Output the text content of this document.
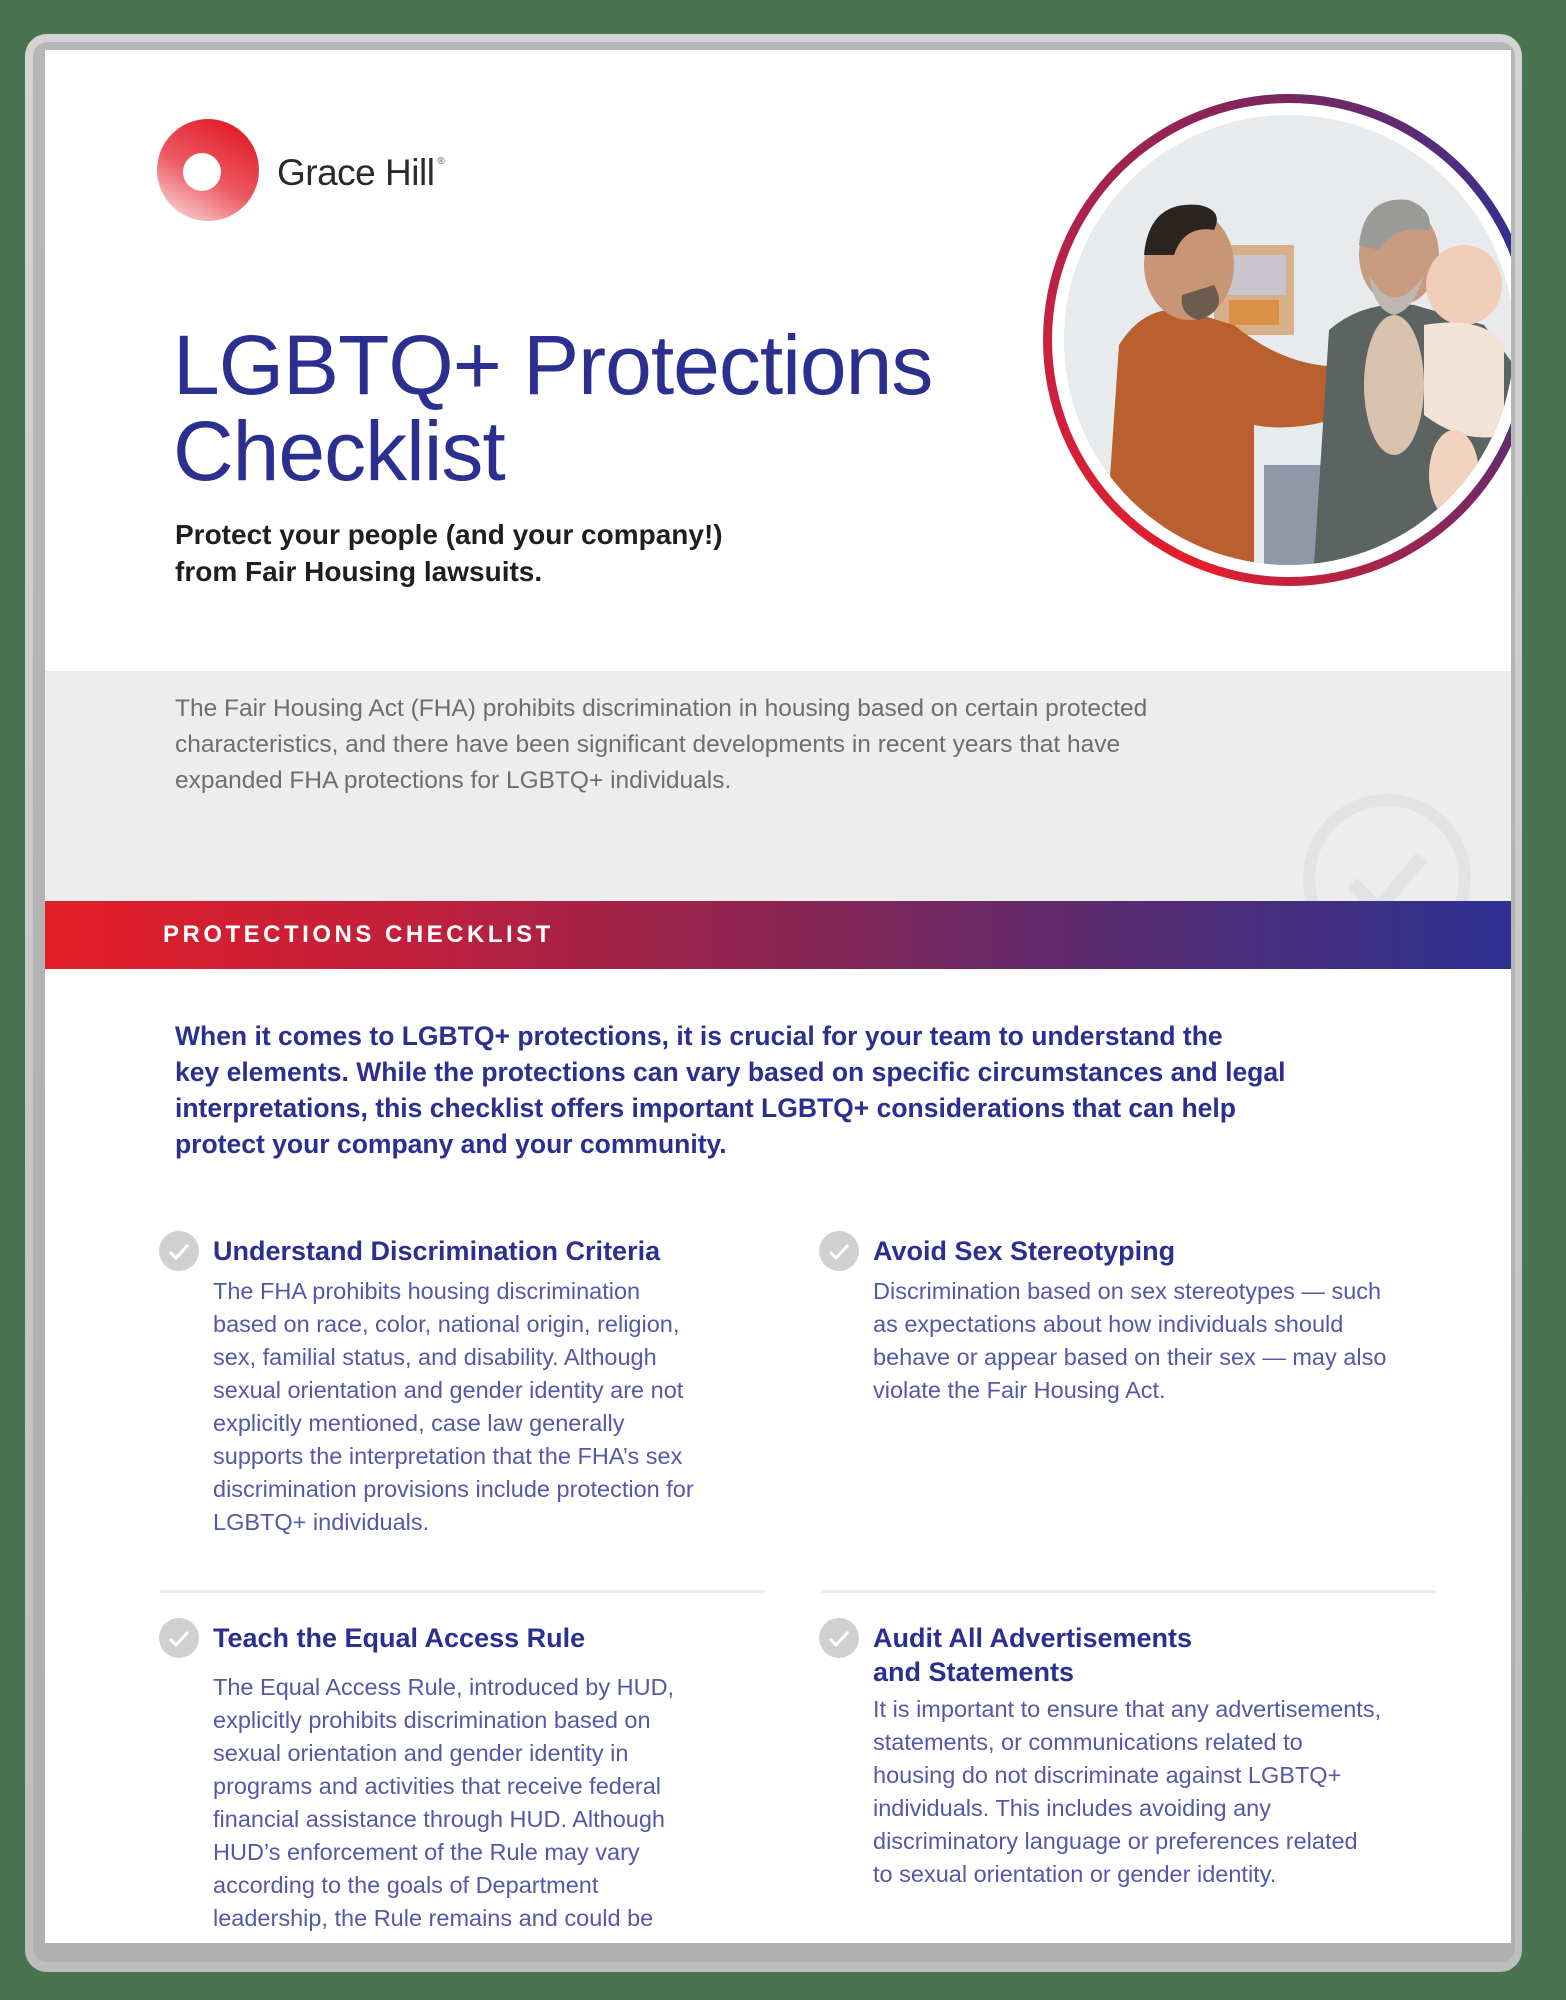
Grace Hill ®
LGBTQ+ Protections
Checklist
Protect your people (and your company!)
from Fair Housing lawsuits.
The Fair Housing Act (FHA) prohibits discrimination in housing based on certain protected
characteristics, and there have been significant developments in recent years that have
expanded FHA protections for LGBTQ+ individuals.
PROTECTIONS CHECKLIST
When it comes to LGBTQ+ protections, it is crucial for your team to understand the
key elements. While the protections can vary based on specific circumstances and legal
interpretations, this checklist offers important LGBTQ+ considerations that can help
protect your company and your community.
Understand Discrimination Criteria
The FHA prohibits housing discrimination
based on race, color, national origin, religion,
sex, familial status, and disability. Although
sexual orientation and gender identity are not
explicitly mentioned, case law generally
supports the interpretation that the FHA’s sex
discrimination provisions include protection for
LGBTQ+ individuals.
Avoid Sex Stereotyping
Discrimination based on sex stereotypes — such
as expectations about how individuals should
behave or appear based on their sex — may also
violate the Fair Housing Act.
Teach the Equal Access Rule
The Equal Access Rule, introduced by HUD,
explicitly prohibits discrimination based on
sexual orientation and gender identity in
programs and activities that receive federal
financial assistance through HUD. Although
HUD’s enforcement of the Rule may vary
according to the goals of Department
leadership, the Rule remains and could be
Audit All Advertisements
and Statements
It is important to ensure that any advertisements,
statements, or communications related to
housing do not discriminate against LGBTQ+
individuals. This includes avoiding any
discriminatory language or preferences related
to sexual orientation or gender identity.
